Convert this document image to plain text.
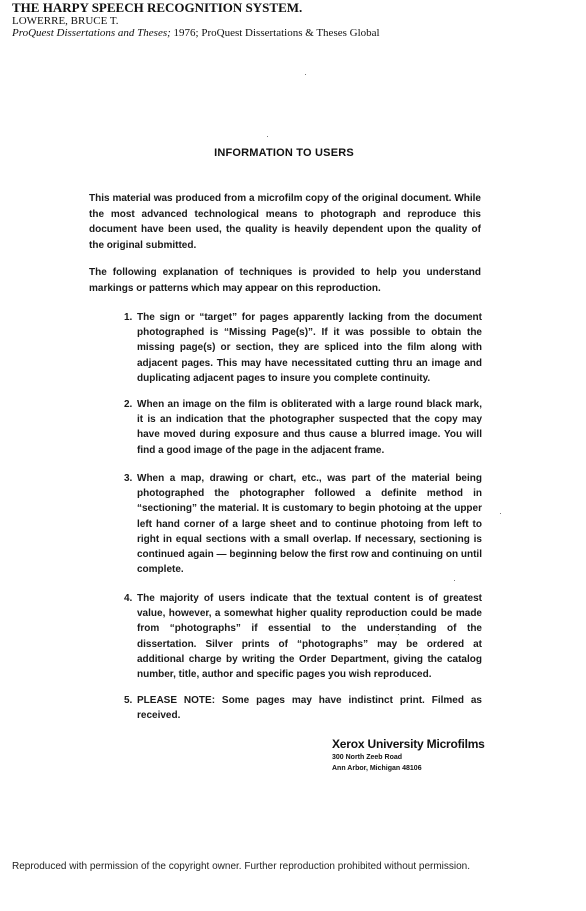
THE HARPY SPEECH RECOGNITION SYSTEM.
LOWERRE, BRUCE T.
ProQuest Dissertations and Theses; 1976; ProQuest Dissertations & Theses Global
INFORMATION TO USERS
This material was produced from a microfilm copy of the original document. While the most advanced technological means to photograph and reproduce this document have been used, the quality is heavily dependent upon the quality of the original submitted.
The following explanation of techniques is provided to help you understand markings or patterns which may appear on this reproduction.
1. The sign or “target” for pages apparently lacking from the document photographed is “Missing Page(s)”. If it was possible to obtain the missing page(s) or section, they are spliced into the film along with adjacent pages. This may have necessitated cutting thru an image and duplicating adjacent pages to insure you complete continuity.
2. When an image on the film is obliterated with a large round black mark, it is an indication that the photographer suspected that the copy may have moved during exposure and thus cause a blurred image. You will find a good image of the page in the adjacent frame.
3. When a map, drawing or chart, etc., was part of the material being photographed the photographer followed a definite method in “sectioning” the material. It is customary to begin photoing at the upper left hand corner of a large sheet and to continue photoing from left to right in equal sections with a small overlap. If necessary, sectioning is continued again — beginning below the first row and continuing on until complete.
4. The majority of users indicate that the textual content is of greatest value, however, a somewhat higher quality reproduction could be made from “photographs” if essential to the understanding of the dissertation. Silver prints of “photographs” may be ordered at additional charge by writing the Order Department, giving the catalog number, title, author and specific pages you wish reproduced.
5. PLEASE NOTE: Some pages may have indistinct print. Filmed as received.
Xerox University Microfilms
300 North Zeeb Road
Ann Arbor, Michigan 48106
Reproduced with permission of the copyright owner. Further reproduction prohibited without permission.
